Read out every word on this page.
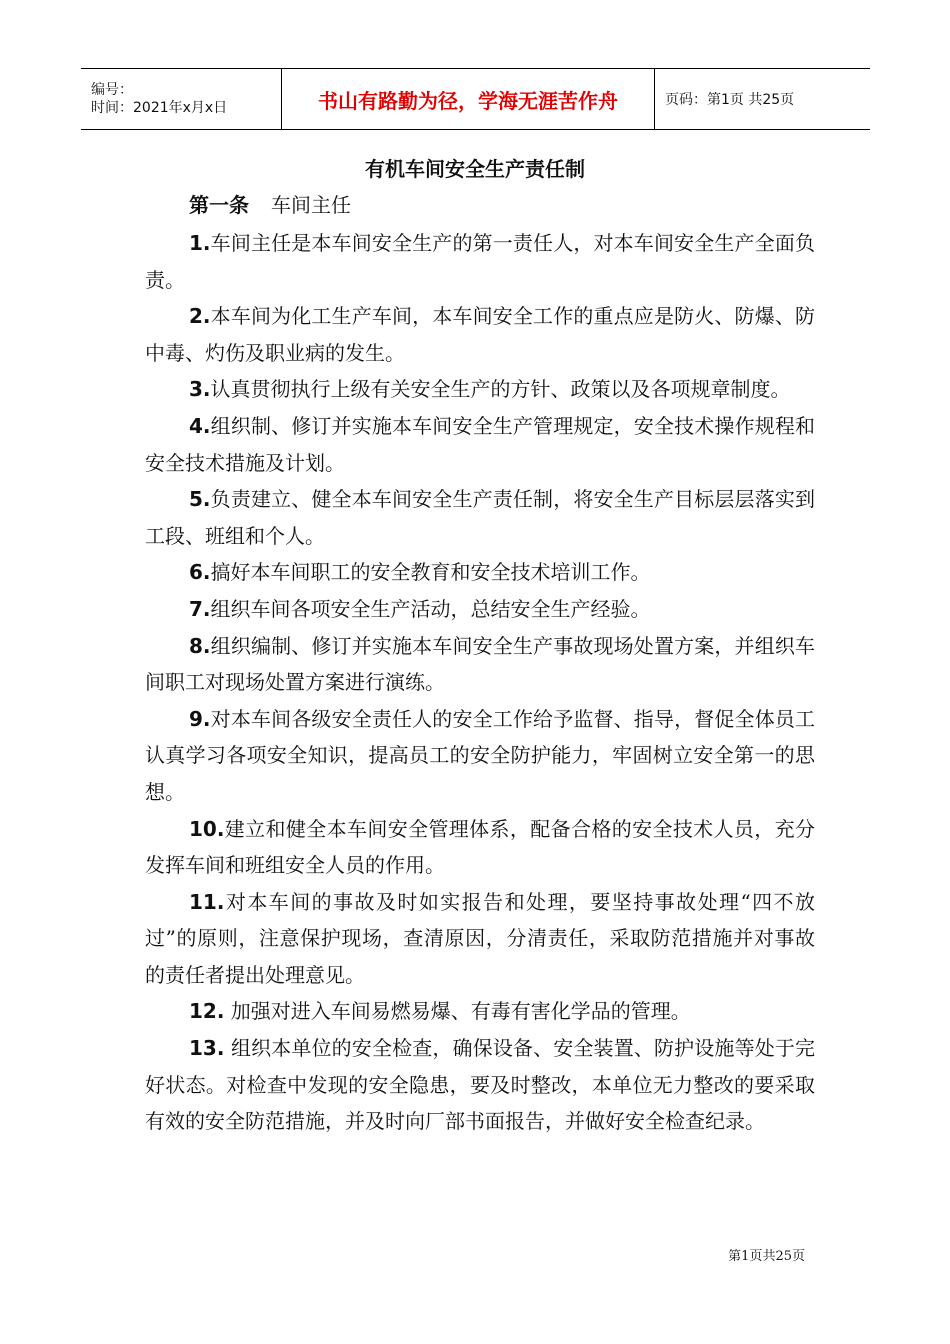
编号：
时间：2021年x月x日	书山有路勤为径，学海无涯苦作舟	页码：第1页 共25页
有机车间安全生产责任制
第一条 车间主任

1.车间主任是本车间安全生产的第一责任人，对本车间安全生产全面负责。

2.本车间为化工生产车间，本车间安全工作的重点应是防火、防爆、防中毒、灼伤及职业病的发生。

3.认真贯彻执行上级有关安全生产的方针、政策以及各项规章制度。

4.组织制、修订并实施本车间安全生产管理规定，安全技术操作规程和安全技术措施及计划。

5.负责建立、健全本车间安全生产责任制，将安全生产目标层层落实到工段、班组和个人。

6.搞好本车间职工的安全教育和安全技术培训工作。

7.组织车间各项安全生产活动，总结安全生产经验。

8.组织编制、修订并实施本车间安全生产事故现场处置方案，并组织车间职工对现场处置方案进行演练。

9.对本车间各级安全责任人的安全工作给予监督、指导，督促全体员工认真学习各项安全知识，提高员工的安全防护能力，牢固树立安全第一的思想。

10.建立和健全本车间安全管理体系，配备合格的安全技术人员，充分发挥车间和班组安全人员的作用。

11.对本车间的事故及时如实报告和处理，要坚持事故处理“四不放过”的原则，注意保护现场，查清原因，分清责任，采取防范措施并对事故的责任者提出处理意见。

12. 加强对进入车间易燃易爆、有毒有害化学品的管理。

13. 组织本单位的安全检查，确保设备、安全装置、防护设施等处于完好状态。对检查中发现的安全隐患，要及时整改，本单位无力整改的要采取有效的安全防范措施，并及时向厂部书面报告，并做好安全检查纪录。

第1页共25页
